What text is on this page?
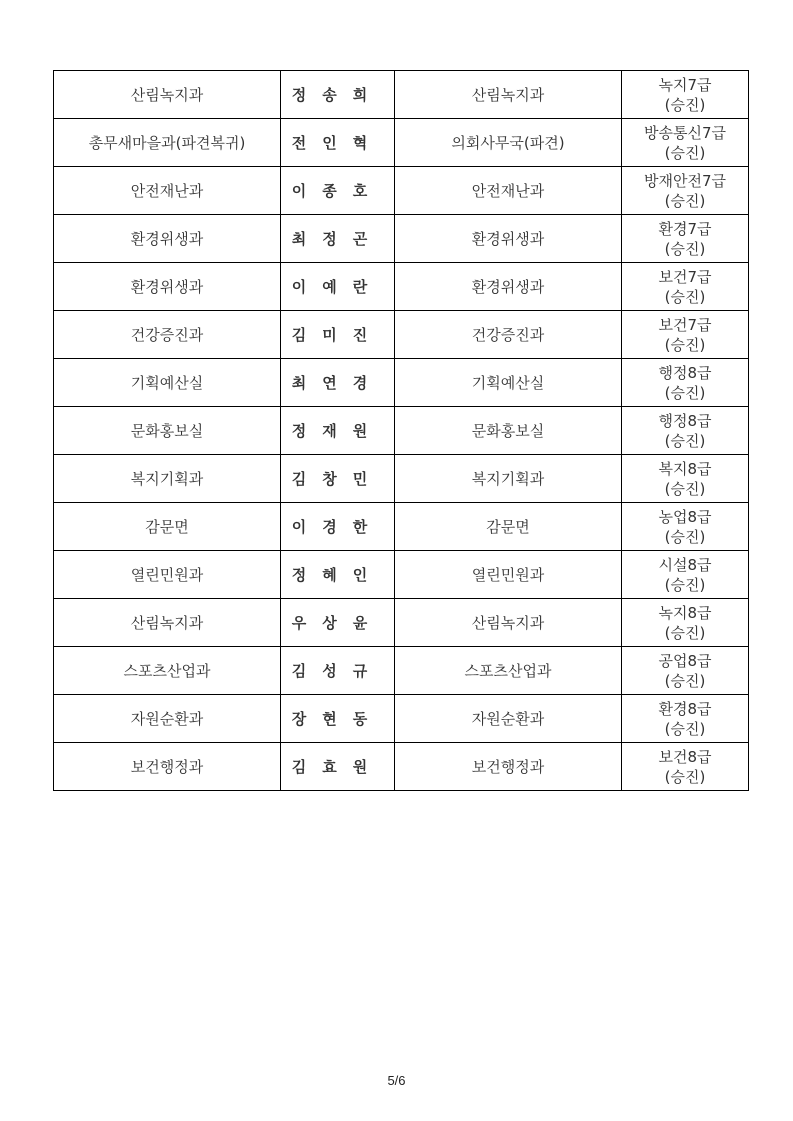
산림녹지과	정송희	산림녹지과	녹지7급
(승진)

총무새마을과(파견복귀)	전인혁	의회사무국(파견)	방송통신7급
(승진)

안전재난과	이종호	안전재난과	방재안전7급
(승진)

환경위생과	최정곤	환경위생과	환경7급
(승진)

환경위생과	이예란	환경위생과	보건7급
(승진)

건강증진과	김미진	건강증진과	보건7급
(승진)

기획예산실	최연경	기획예산실	행정8급
(승진)

문화홍보실	정재원	문화홍보실	행정8급
(승진)

복지기획과	김창민	복지기획과	복지8급
(승진)

감문면	이경한	감문면	농업8급
(승진)

열린민원과	정혜인	열린민원과	시설8급
(승진)

산림녹지과	우상윤	산림녹지과	녹지8급
(승진)

스포츠산업과	김성규	스포츠산업과	공업8급
(승진)

자원순환과	장현동	자원순환과	환경8급
(승진)

보건행정과	김효원	보건행정과	보건8급
(승진)
5/6
